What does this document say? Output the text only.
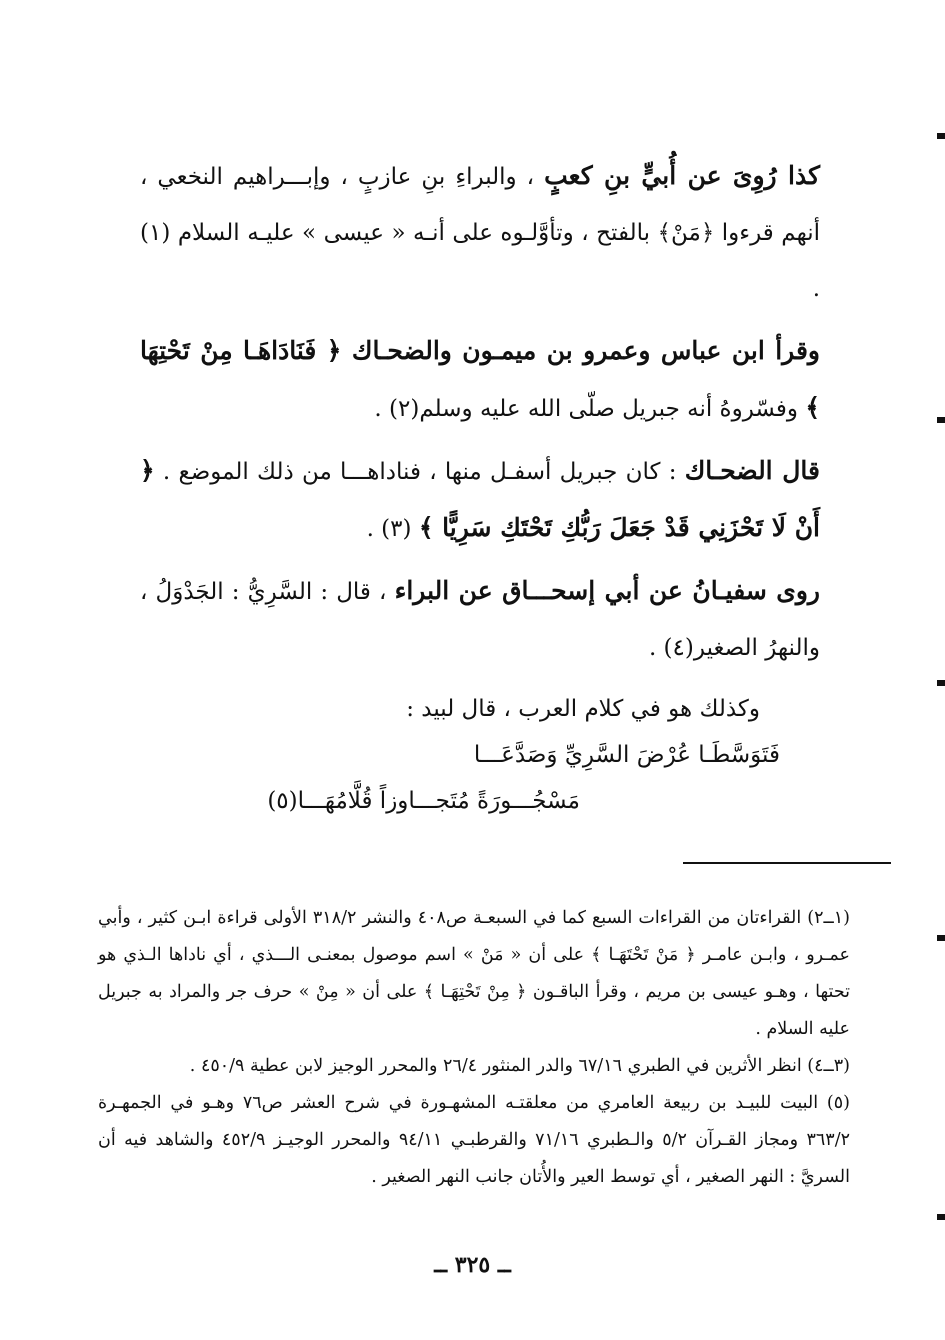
كذا رُوِىَ عن أُبيٍّ بنِ كعبٍ ، والبراءِ بنِ عازبٍ ، وإبـــراهيم النخعي ، أنهم قرءوا ﴿مَنْ﴾ بالفتح ، وتأوَّلـوه على أنـه « عيسى » عليـه السلام (١) .

وقرأ ابن عباس وعمرو بن ميمـون والضحـاك ﴿ فَنَادَاهَـا مِنْ تَحْتِهَا ﴾ وفسّروهُ أنه جبريل صلّى الله عليه وسلم(٢) .

قال الضحـاك : كان جبريل أسفـل منها ، فناداهـــا من ذلك الموضع . ﴿ أَنْ لَا تَحْزَنِي قَدْ جَعَلَ رَبُّكِ تَحْتَكِ سَرِيًّا ﴾ (٣) .

روى سفيـانُ عن أبي إسحـــاق عن البراء ، قال : السَّرِيُّ : الجَدْوَلُ ، والنهرُ الصغير(٤) .

وكذلك هو في كلام العرب ، قال لبيد :

فَتَوَسَّطَـا عُرْضَ السَّرِيِّ وَصَدَّعَـــا

مَسْجُـــورَةً مُتَجـــاوزاً قُلَّامُهَـــا(٥)

(١ــ٢) القراءتان من القراءات السبع كما في السبعـة ص٤٠٨ والنشر ٣١٨/٢ الأولى قراءة ابـن كثير ، وأبي عمـرو ، وابـن عامـر ﴿ مَنْ تَحْتَهَـا ﴾ على أن « مَنْ » اسم موصول بمعنـى الـــذي ، أي ناداها الـذي هو تحتها ، وهـو عيسى بن مريم ، وقرأ الباقـون ﴿ مِنْ تَحْتِهَـا ﴾ على أن « مِنْ » حرف جر والمراد به جبريل عليه السلام .

(٣ــ٤) انظر الأثرين في الطبري ٦٧/١٦ والدر المنثور ٢٦/٤ والمحرر الوجيز لابن عطية ٤٥٠/٩ .

(٥) البيت للبيـد بن ربيعة العامري من معلقتـه المشهـورة في شرح العشر ص٧٦ وهـو في الجمهـرة ٣٦٣/٢ ومجاز القـرآن ٥/٢ والـطبري ٧١/١٦ والقرطبـي ٩٤/١١ والمحرر الوجيـز ٤٥٢/٩ والشاهد فيه أن السريَّ : النهر الصغير ، أي توسط العير والأُتان جانب النهر الصغير .

ــ ٣٢٥ ــ
